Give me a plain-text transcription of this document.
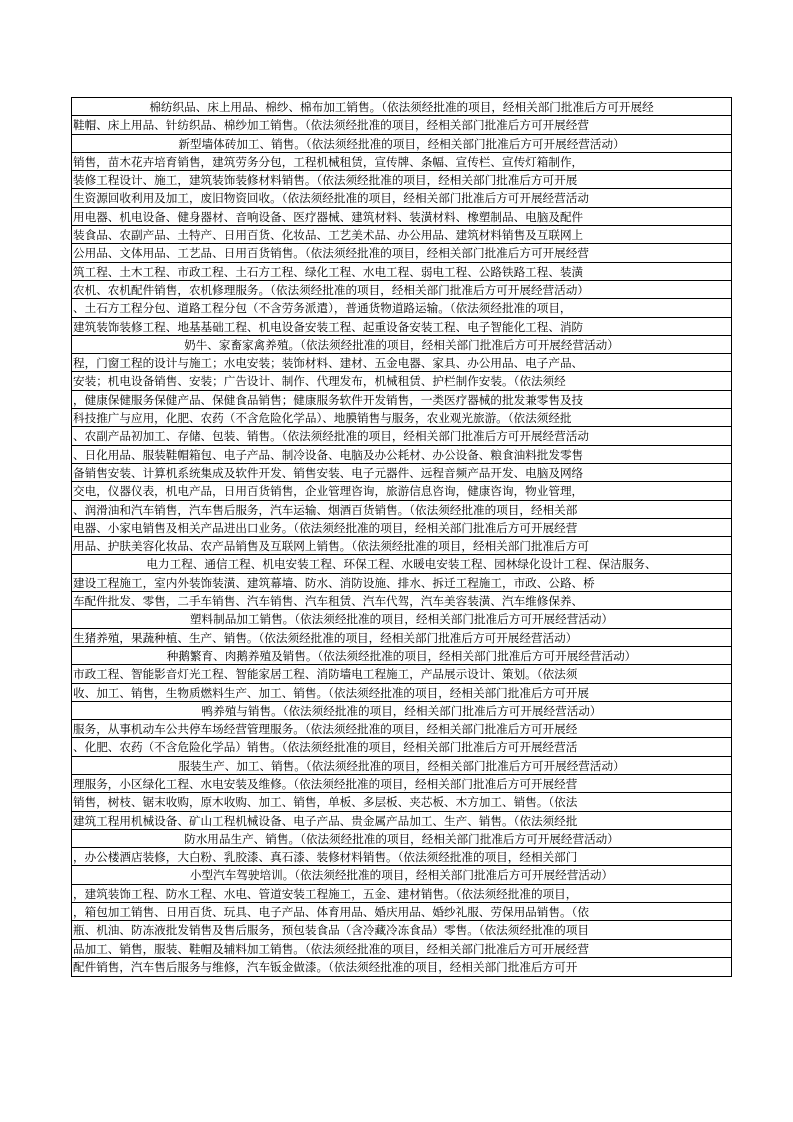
棉纺织品、床上用品、棉纱、棉布加工销售。（依法须经批准的项目，经相关部门批准后方可开展经
鞋帽、床上用品、针纺织品、棉纱加工销售。（依法须经批准的项目，经相关部门批准后方可开展经营
新型墙体砖加工、销售。（依法须经批准的项目，经相关部门批准后方可开展经营活动）
销售，苗木花卉培育销售，建筑劳务分包，工程机械租赁，宣传牌、条幅、宣传栏、宣传灯箱制作，
装修工程设计、施工，建筑装饰装修材料销售。（依法须经批准的项目，经相关部门批准后方可开展
生资源回收利用及加工，废旧物资回收。（依法须经批准的项目，经相关部门批准后方可开展经营活动
用电器、机电设备、健身器材、音响设备、医疗器械、建筑材料、装潢材料、橡塑制品、电脑及配件
装食品、农副产品、土特产、日用百货、化妆品、工艺美术品、办公用品、建筑材料销售及互联网上
公用品、文体用品、工艺品、日用百货销售。（依法须经批准的项目，经相关部门批准后方可开展经营
筑工程、土木工程、市政工程、土石方工程、绿化工程、水电工程、弱电工程、公路铁路工程、装潢
农机、农机配件销售，农机修理服务。（依法须经批准的项目，经相关部门批准后方可开展经营活动）
、土石方工程分包、道路工程分包（不含劳务派遣），普通货物道路运输。（依法须经批准的项目，
建筑装饰装修工程、地基基础工程、机电设备安装工程、起重设备安装工程、电子智能化工程、消防
奶牛、家畜家禽养殖。（依法须经批准的项目，经相关部门批准后方可开展经营活动）
程，门窗工程的设计与施工；水电安装；装饰材料、建材、五金电器、家具、办公用品、电子产品、
安装；机电设备销售、安装；广告设计、制作、代理发布，机械租赁、护栏制作安装。（依法须经
，健康保健服务保健产品、保健食品销售；健康服务软件开发销售，一类医疗器械的批发兼零售及技
科技推广与应用，化肥、农药（不含危险化学品）、地膜销售与服务，农业观光旅游。（依法须经批
、农副产品初加工、存储、包装、销售。（依法须经批准的项目，经相关部门批准后方可开展经营活动
、日化用品、服装鞋帽箱包、电子产品、制冷设备、电脑及办公耗材、办公设备、粮食油料批发零售
备销售安装、计算机系统集成及软件开发、销售安装、电子元器件、远程音频产品开发、电脑及网络
交电，仪器仪表，机电产品，日用百货销售，企业管理咨询，旅游信息咨询，健康咨询，物业管理，
、润滑油和汽车销售，汽车售后服务，汽车运输、烟酒百货销售。（依法须经批准的项目，经相关部
电器、小家电销售及相关产品进出口业务。（依法须经批准的项目，经相关部门批准后方可开展经营
用品、护肤美容化妆品、农产品销售及互联网上销售。（依法须经批准的项目，经相关部门批准后方可
电力工程、通信工程、机电安装工程、环保工程、水暖电安装工程、园林绿化设计工程、保洁服务、
建设工程施工，室内外装饰装潢、建筑幕墙、防水、消防设施、排水、拆迁工程施工，市政、公路、桥
车配件批发、零售，二手车销售、汽车销售、汽车租赁、汽车代驾，汽车美容装潢、汽车维修保养、
塑料制品加工销售。（依法须经批准的项目，经相关部门批准后方可开展经营活动）
生猪养殖，果蔬种植、生产、销售。（依法须经批准的项目，经相关部门批准后方可开展经营活动）
种鹅繁育、肉鹅养殖及销售。（依法须经批准的项目，经相关部门批准后方可开展经营活动）
市政工程、智能影音灯光工程、智能家居工程、消防墙电工程施工，产品展示设计、策划。（依法须
收、加工、销售，生物质燃料生产、加工、销售。（依法须经批准的项目，经相关部门批准后方可开展
鸭养殖与销售。（依法须经批准的项目，经相关部门批准后方可开展经营活动）
服务，从事机动车公共停车场经营管理服务。（依法须经批准的项目，经相关部门批准后方可开展经
、化肥、农药（不含危险化学品）销售。（依法须经批准的项目，经相关部门批准后方可开展经营活
服装生产、加工、销售。（依法须经批准的项目，经相关部门批准后方可开展经营活动）
理服务，小区绿化工程、水电安装及维修。（依法须经批准的项目，经相关部门批准后方可开展经营
销售，树枝、锯末收购，原木收购、加工、销售，单板、多层板、夹芯板、木方加工、销售。（依法
建筑工程用机械设备、矿山工程机械设备、电子产品、贵金属产品加工、生产、销售。（依法须经批
防水用品生产、销售。（依法须经批准的项目，经相关部门批准后方可开展经营活动）
，办公楼酒店装修，大白粉、乳胶漆、真石漆、装修材料销售。（依法须经批准的项目，经相关部门
小型汽车驾驶培训。（依法须经批准的项目，经相关部门批准后方可开展经营活动）
，建筑装饰工程、防水工程、水电、管道安装工程施工，五金、建材销售。（依法须经批准的项目，
，箱包加工销售、日用百货、玩具、电子产品、体育用品、婚庆用品、婚纱礼服、劳保用品销售。（依
瓶、机油、防冻液批发销售及售后服务，预包装食品（含冷藏冷冻食品）零售。（依法须经批准的项目
品加工、销售，服装、鞋帽及辅料加工销售。（依法须经批准的项目，经相关部门批准后方可开展经营
配件销售，汽车售后服务与维修，汽车钣金做漆。（依法须经批准的项目，经相关部门批准后方可开
